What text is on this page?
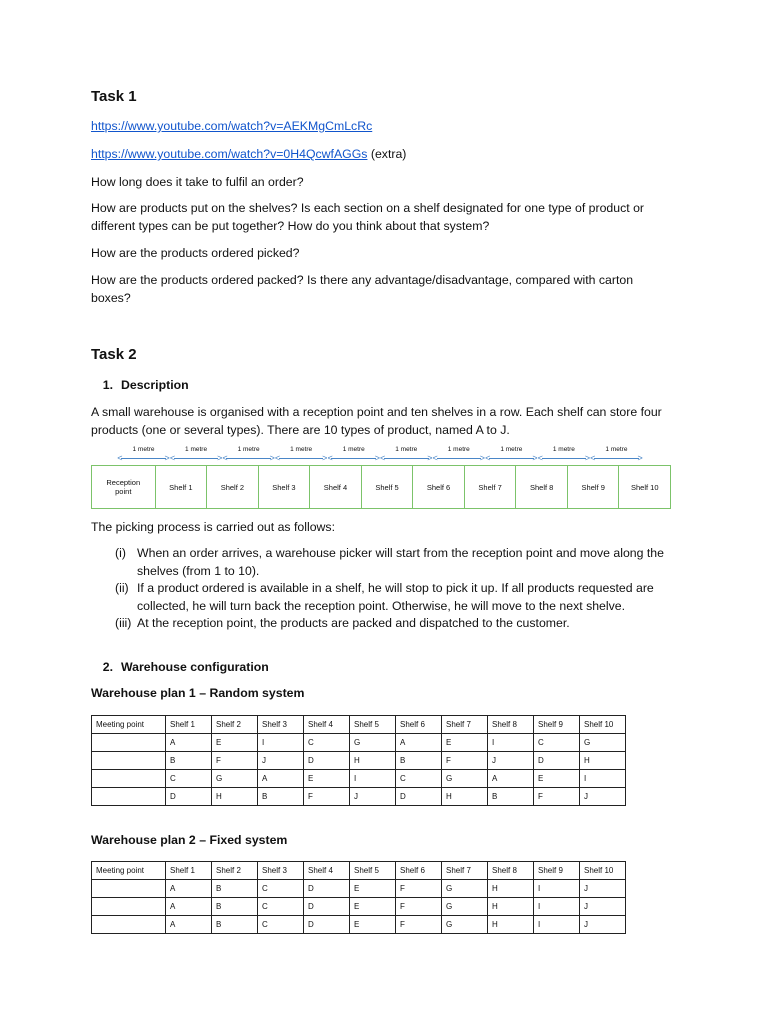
Task 1

https://www.youtube.com/watch?v=AEKMgCmLcRc

https://www.youtube.com/watch?v=0H4QcwfAGGs (extra)

How long does it take to fulfil an order?

How are products put on the shelves? Is each section on a shelf designated for one type of product or different types can be put together? How do you think about that system?

How are the products ordered picked?

How are the products ordered packed? Is there any advantage/disadvantage, compared with carton boxes?

Task 2
1. Description

A small warehouse is organised with a reception point and ten shelves in a row. Each shelf can store four products (one or several types). There are 10 types of product, named A to J.

1 metre
<	>
1 metre
<	>
1 metre
<	>
1 metre
<	>
1 metre
<	>
1 metre
<	>
1 metre
<	>
1 metre
<	>
1 metre
<	>
1 metre
<	>
Reception point	Shelf 1	Shelf 2	Shelf 3	Shelf 4	Shelf 5	Shelf 6	Shelf 7	Shelf 8	Shelf 9	Shelf 10

The picking process is carried out as follows:

(i) When an order arrives, a warehouse picker will start from the reception point and move along the shelves (from 1 to 10).
(ii) If a product ordered is available in a shelf, he will stop to pick it up. If all products requested are collected, he will turn back the reception point. Otherwise, he will move to the next shelve.
(iii) At the reception point, the products are packed and dispatched to the customer.
2. Warehouse configuration
Warehouse plan 1 – Random system
Meeting point	Shelf 1	Shelf 2	Shelf 3	Shelf 4	Shelf 5	Shelf 6	Shelf 7	Shelf 8	Shelf 9	Shelf 10
	A	E	I	C	G	A	E	I	C	G
	B	F	J	D	H	B	F	J	D	H
	C	G	A	E	I	C	G	A	E	I
	D	H	B	F	J	D	H	B	F	J
Warehouse plan 2 – Fixed system
Meeting point	Shelf 1	Shelf 2	Shelf 3	Shelf 4	Shelf 5	Shelf 6	Shelf 7	Shelf 8	Shelf 9	Shelf 10
	A	B	C	D	E	F	G	H	I	J
	A	B	C	D	E	F	G	H	I	J
	A	B	C	D	E	F	G	H	I	J
